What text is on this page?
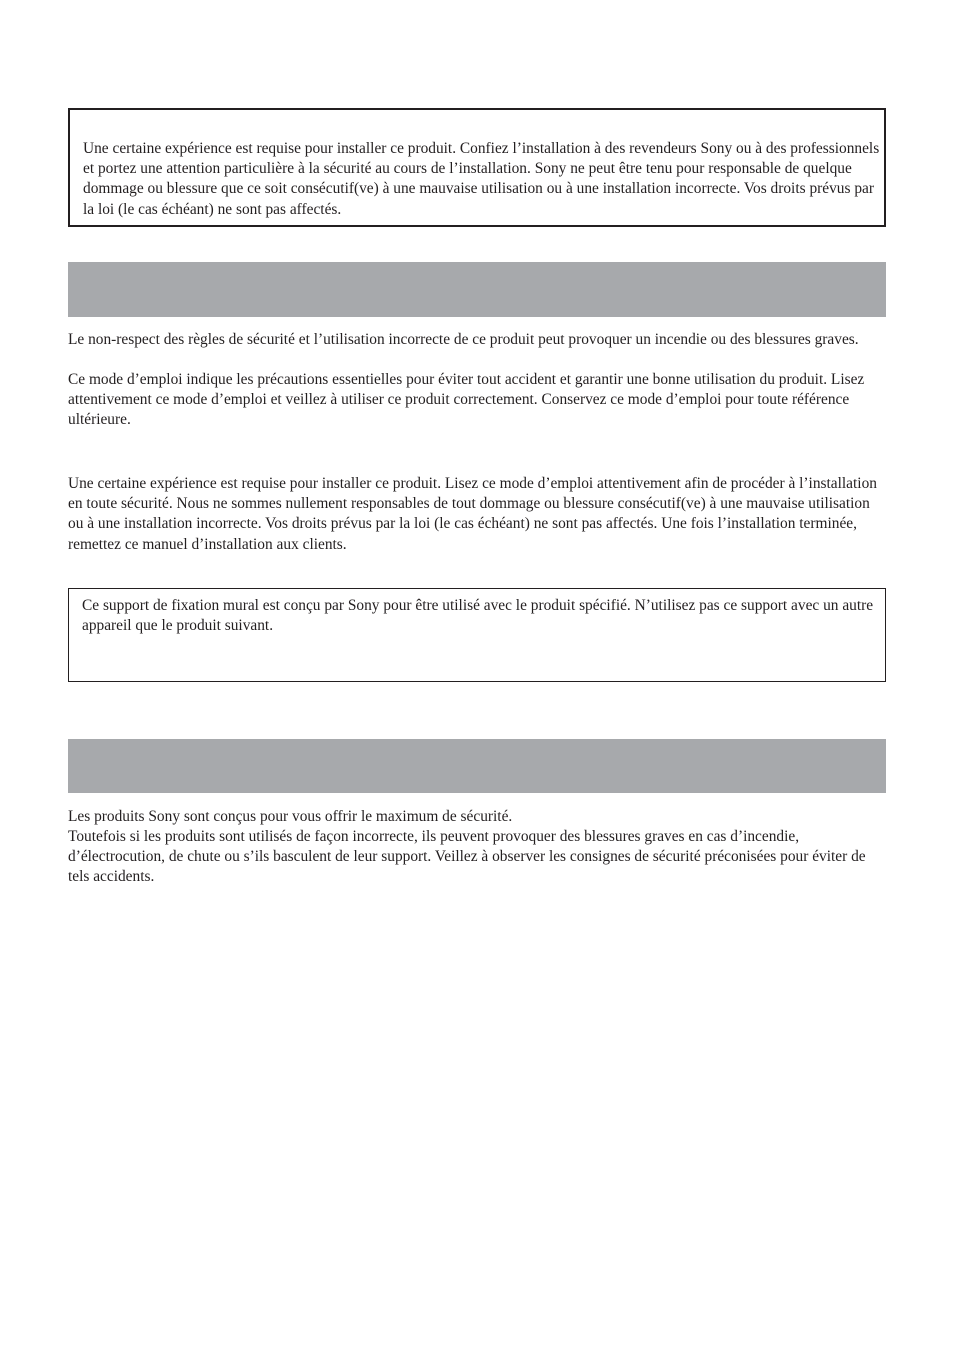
Une certaine expérience est requise pour installer ce produit. Confiez l’installation à des revendeurs Sony ou à des professionnels et portez une attention particulière à la sécurité au cours de l’installation. Sony ne peut être tenu pour responsable de quelque dommage ou blessure que ce soit consécutif(ve) à une mauvaise utilisation ou à une installation incorrecte. Vos droits prévus par la loi (le cas échéant) ne sont pas affectés.

Le non-respect des règles de sécurité et l’utilisation incorrecte de ce produit peut provoquer un incendie ou des blessures graves.

Ce mode d’emploi indique les précautions essentielles pour éviter tout accident et garantir une bonne utilisation du produit. Lisez attentivement ce mode d’emploi et veillez à utiliser ce produit correctement. Conservez ce mode d’emploi pour toute référence ultérieure.

Une certaine expérience est requise pour installer ce produit. Lisez ce mode d’emploi attentivement afin de procéder à l’installation en toute sécurité. Nous ne sommes nullement responsables de tout dommage ou blessure consécutif(ve) à une mauvaise utilisation ou à une installation incorrecte. Vos droits prévus par la loi (le cas échéant) ne sont pas affectés. Une fois l’installation terminée, remettez ce manuel d’installation aux clients.

Ce support de fixation mural est conçu par Sony pour être utilisé avec le produit spécifié. N’utilisez pas ce support avec un autre appareil que le produit suivant.

Les produits Sony sont conçus pour vous offrir le maximum de sécurité.

Toutefois si les produits sont utilisés de façon incorrecte, ils peuvent provoquer des blessures graves en cas d’incendie, d’électrocution, de chute ou s’ils basculent de leur support. Veillez à observer les consignes de sécurité préconisées pour éviter de tels accidents.
